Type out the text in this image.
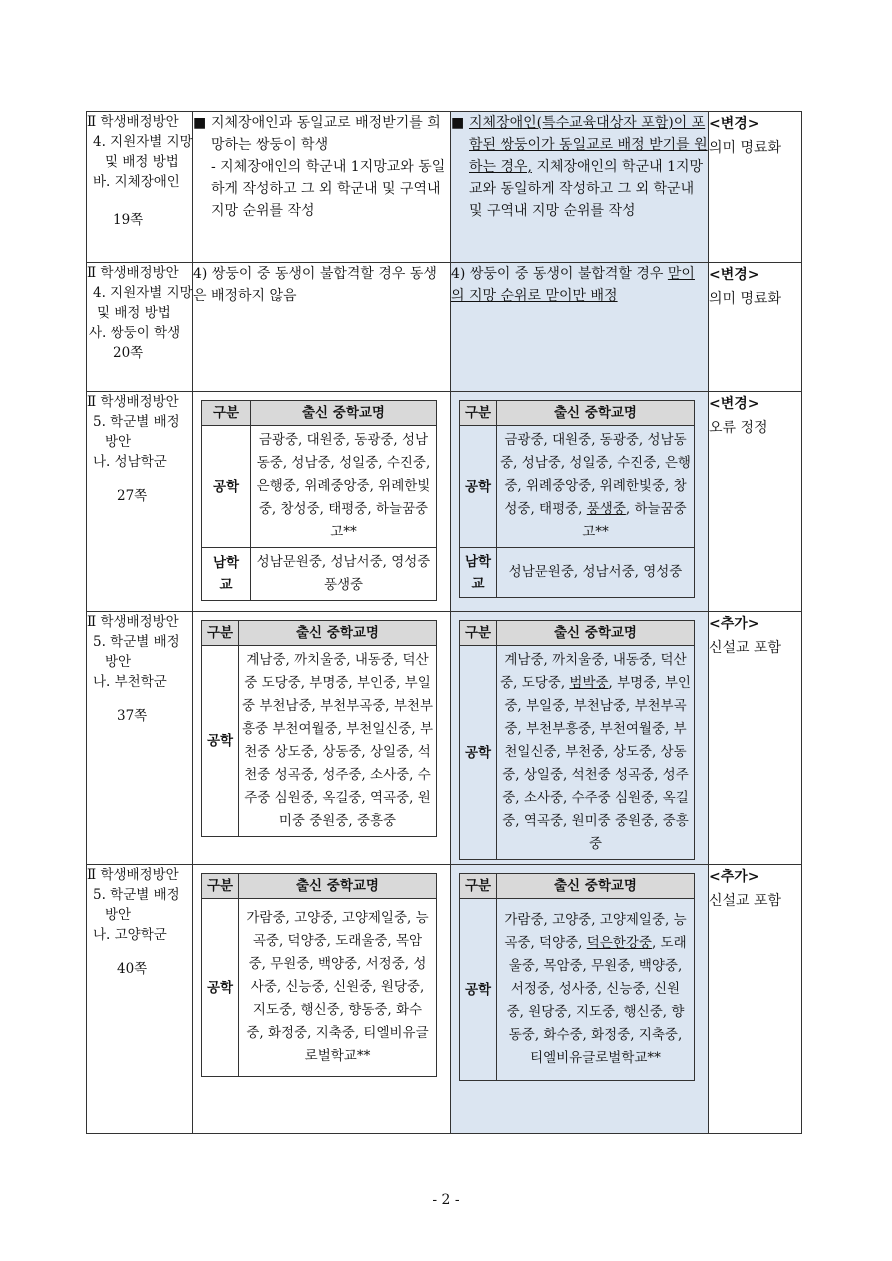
Ⅱ 학생배정방안
4. 지원자별 지망
및 배정 방법
바. 지체장애인
19쪽

■ 지체장애인과 동일교로 배정받기를 희망하는 쌍둥이 학생
- 지체장애인의 학군내 1지망교와 동일하게 작성하고 그 외 학군내 및 구역내지망 순위를 작성

■ 지체장애인(특수교육대상자 포함)이 포함된 쌍둥이가 동일교로 배정 받기를 원하는 경우, 지체장애인의 학군내 1지망교와 동일하게 작성하고 그 외 학군내 및 구역내 지망 순위를 작성

<변경>
의미 명료화

Ⅱ 학생배정방안
4. 지원자별 지망
및 배정 방법
사. 쌍둥이 학생
20쪽

4) 쌍둥이 중 동생이 불합격할 경우 동생은 배정하지 않음

4) 쌍둥이 중 동생이 불합격할 경우 맏이의 지망 순위로 맏이만 배정

<변경>
의미 명료화

Ⅱ 학생배정방안
5. 학군별 배정
방안
나. 성남학군
27쪽

구분	출신 중학교명
공학	금광중, 대원중, 동광중, 성남동중, 성남중, 성일중, 수진중, 은행중, 위례중앙중, 위례한빛중, 창성중, 태평중, 하늘꿈중고**
남학교	성남문원중, 성남서중, 영성중 풍생중

구분	출신 중학교명
공학	금광중, 대원중, 동광중, 성남동중, 성남중, 성일중, 수진중, 은행중, 위례중앙중, 위례한빛중, 창성중, 태평중, 풍생중, 하늘꿈중고**
남학교	성남문원중, 성남서중, 영성중

<변경>
오류 정정

Ⅱ 학생배정방안
5. 학군별 배정
방안
나. 부천학군
37쪽

구분	출신 중학교명
공학	계남중, 까치울중, 내동중, 덕산중 도당중, 부명중, 부인중, 부일중 부천남중, 부천부곡중, 부천부흥중 부천여월중, 부천일신중, 부천중 상도중, 상동중, 상일중, 석천중 성곡중, 성주중, 소사중, 수주중 심원중, 옥길중, 역곡중, 원미중 중원중, 중흥중

구분	출신 중학교명
공학	계남중, 까치울중, 내동중, 덕산중, 도당중, 범박중, 부명중, 부인중, 부일중, 부천남중, 부천부곡중, 부천부흥중, 부천여월중, 부천일신중, 부천중, 상도중, 상동중, 상일중, 석천중 성곡중, 성주중, 소사중, 수주중 심원중, 옥길중, 역곡중, 원미중 중원중, 중흥중

<추가>
신설교 포함

Ⅱ 학생배정방안
5. 학군별 배정
방안
나. 고양학군
40쪽

구분	출신 중학교명
공학	가람중, 고양중, 고양제일중, 능곡중, 덕양중, 도래울중, 목암중, 무원중, 백양중, 서정중, 성사중, 신능중, 신원중, 원당중, 지도중, 행신중, 향동중, 화수중, 화정중, 지축중, 티엘비유글로벌학교**

구분	출신 중학교명
공학	가람중, 고양중, 고양제일중, 능곡중, 덕양중, 덕은한강중, 도래울중, 목암중, 무원중, 백양중, 서정중, 성사중, 신능중, 신원중, 원당중, 지도중, 행신중, 향동중, 화수중, 화정중, 지축중, 티엘비유글로벌학교**

<추가>
신설교 포함
- 2 -
